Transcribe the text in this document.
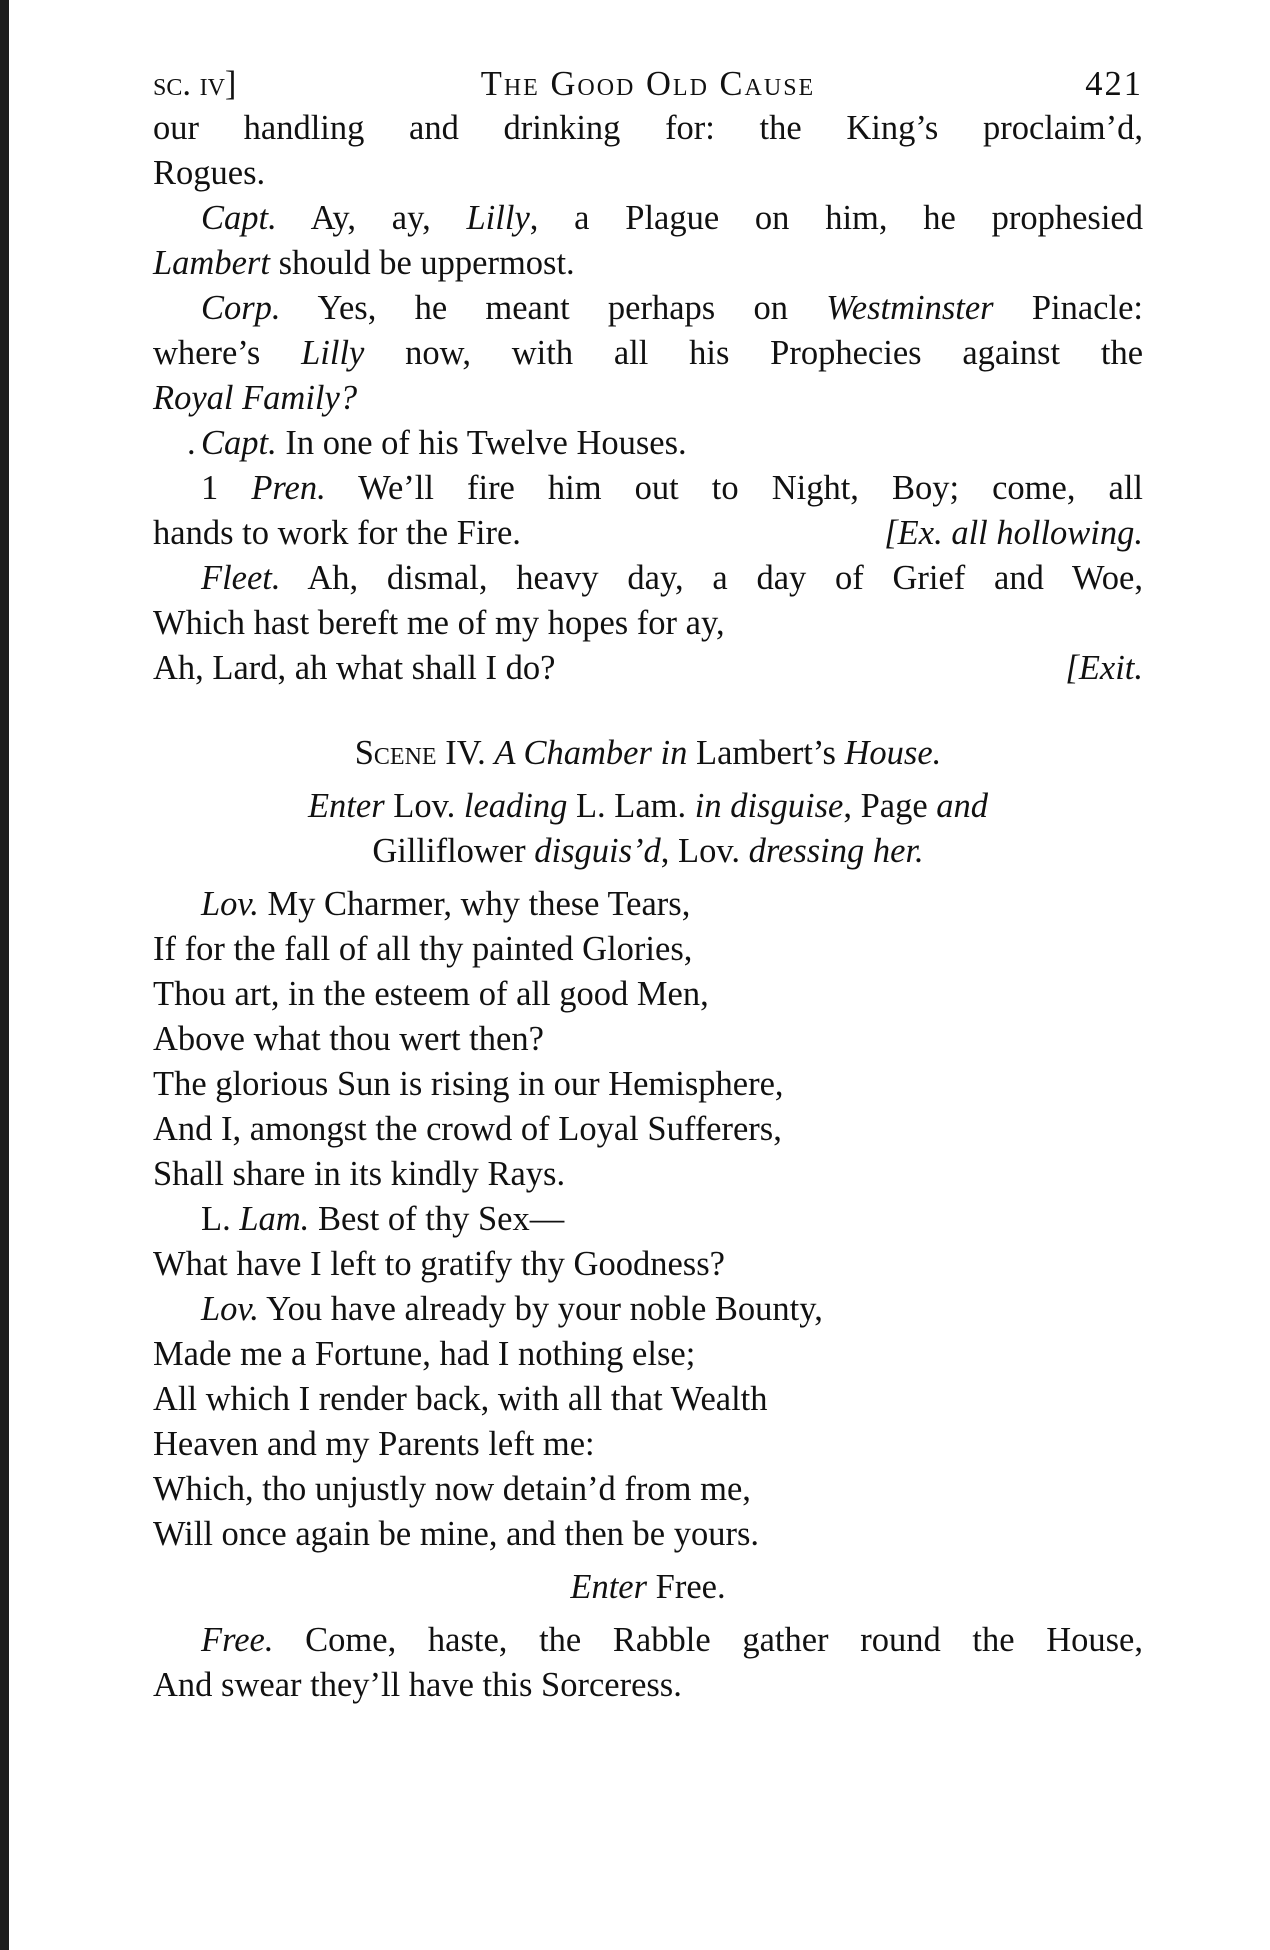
sc. iv]	The Good Old Cause	421
our handling and drinking for: the King’s proclaim’d,
Rogues.
Capt. Ay, ay, Lilly, a Plague on him, he prophesied
Lambert should be uppermost.
Corp. Yes, he meant perhaps on Westminster Pinacle:
where’s Lilly now, with all his Prophecies against the
Royal Family?
. Capt. In one of his Twelve Houses.
1 Pren. We’ll fire him out to Night, Boy; come, all
hands to work for the Fire.	[Ex. all hollowing.
Fleet. Ah, dismal, heavy day, a day of Grief and Woe,
Which hast bereft me of my hopes for ay,
Ah, Lard, ah what shall I do?	[Exit.
Scene IV. A Chamber in Lambert’s House.
Enter Lov. leading L. Lam. in disguise, Page and
Gilliflower disguis’d, Lov. dressing her.
Lov. My Charmer, why these Tears,
If for the fall of all thy painted Glories,
Thou art, in the esteem of all good Men,
Above what thou wert then?
The glorious Sun is rising in our Hemisphere,
And I, amongst the crowd of Loyal Sufferers,
Shall share in its kindly Rays.
L. Lam. Best of thy Sex—
What have I left to gratify thy Goodness?
Lov. You have already by your noble Bounty,
Made me a Fortune, had I nothing else;
All which I render back, with all that Wealth
Heaven and my Parents left me:
Which, tho unjustly now detain’d from me,
Will once again be mine, and then be yours.
Enter Free.
Free. Come, haste, the Rabble gather round the House,
And swear they’ll have this Sorceress.
